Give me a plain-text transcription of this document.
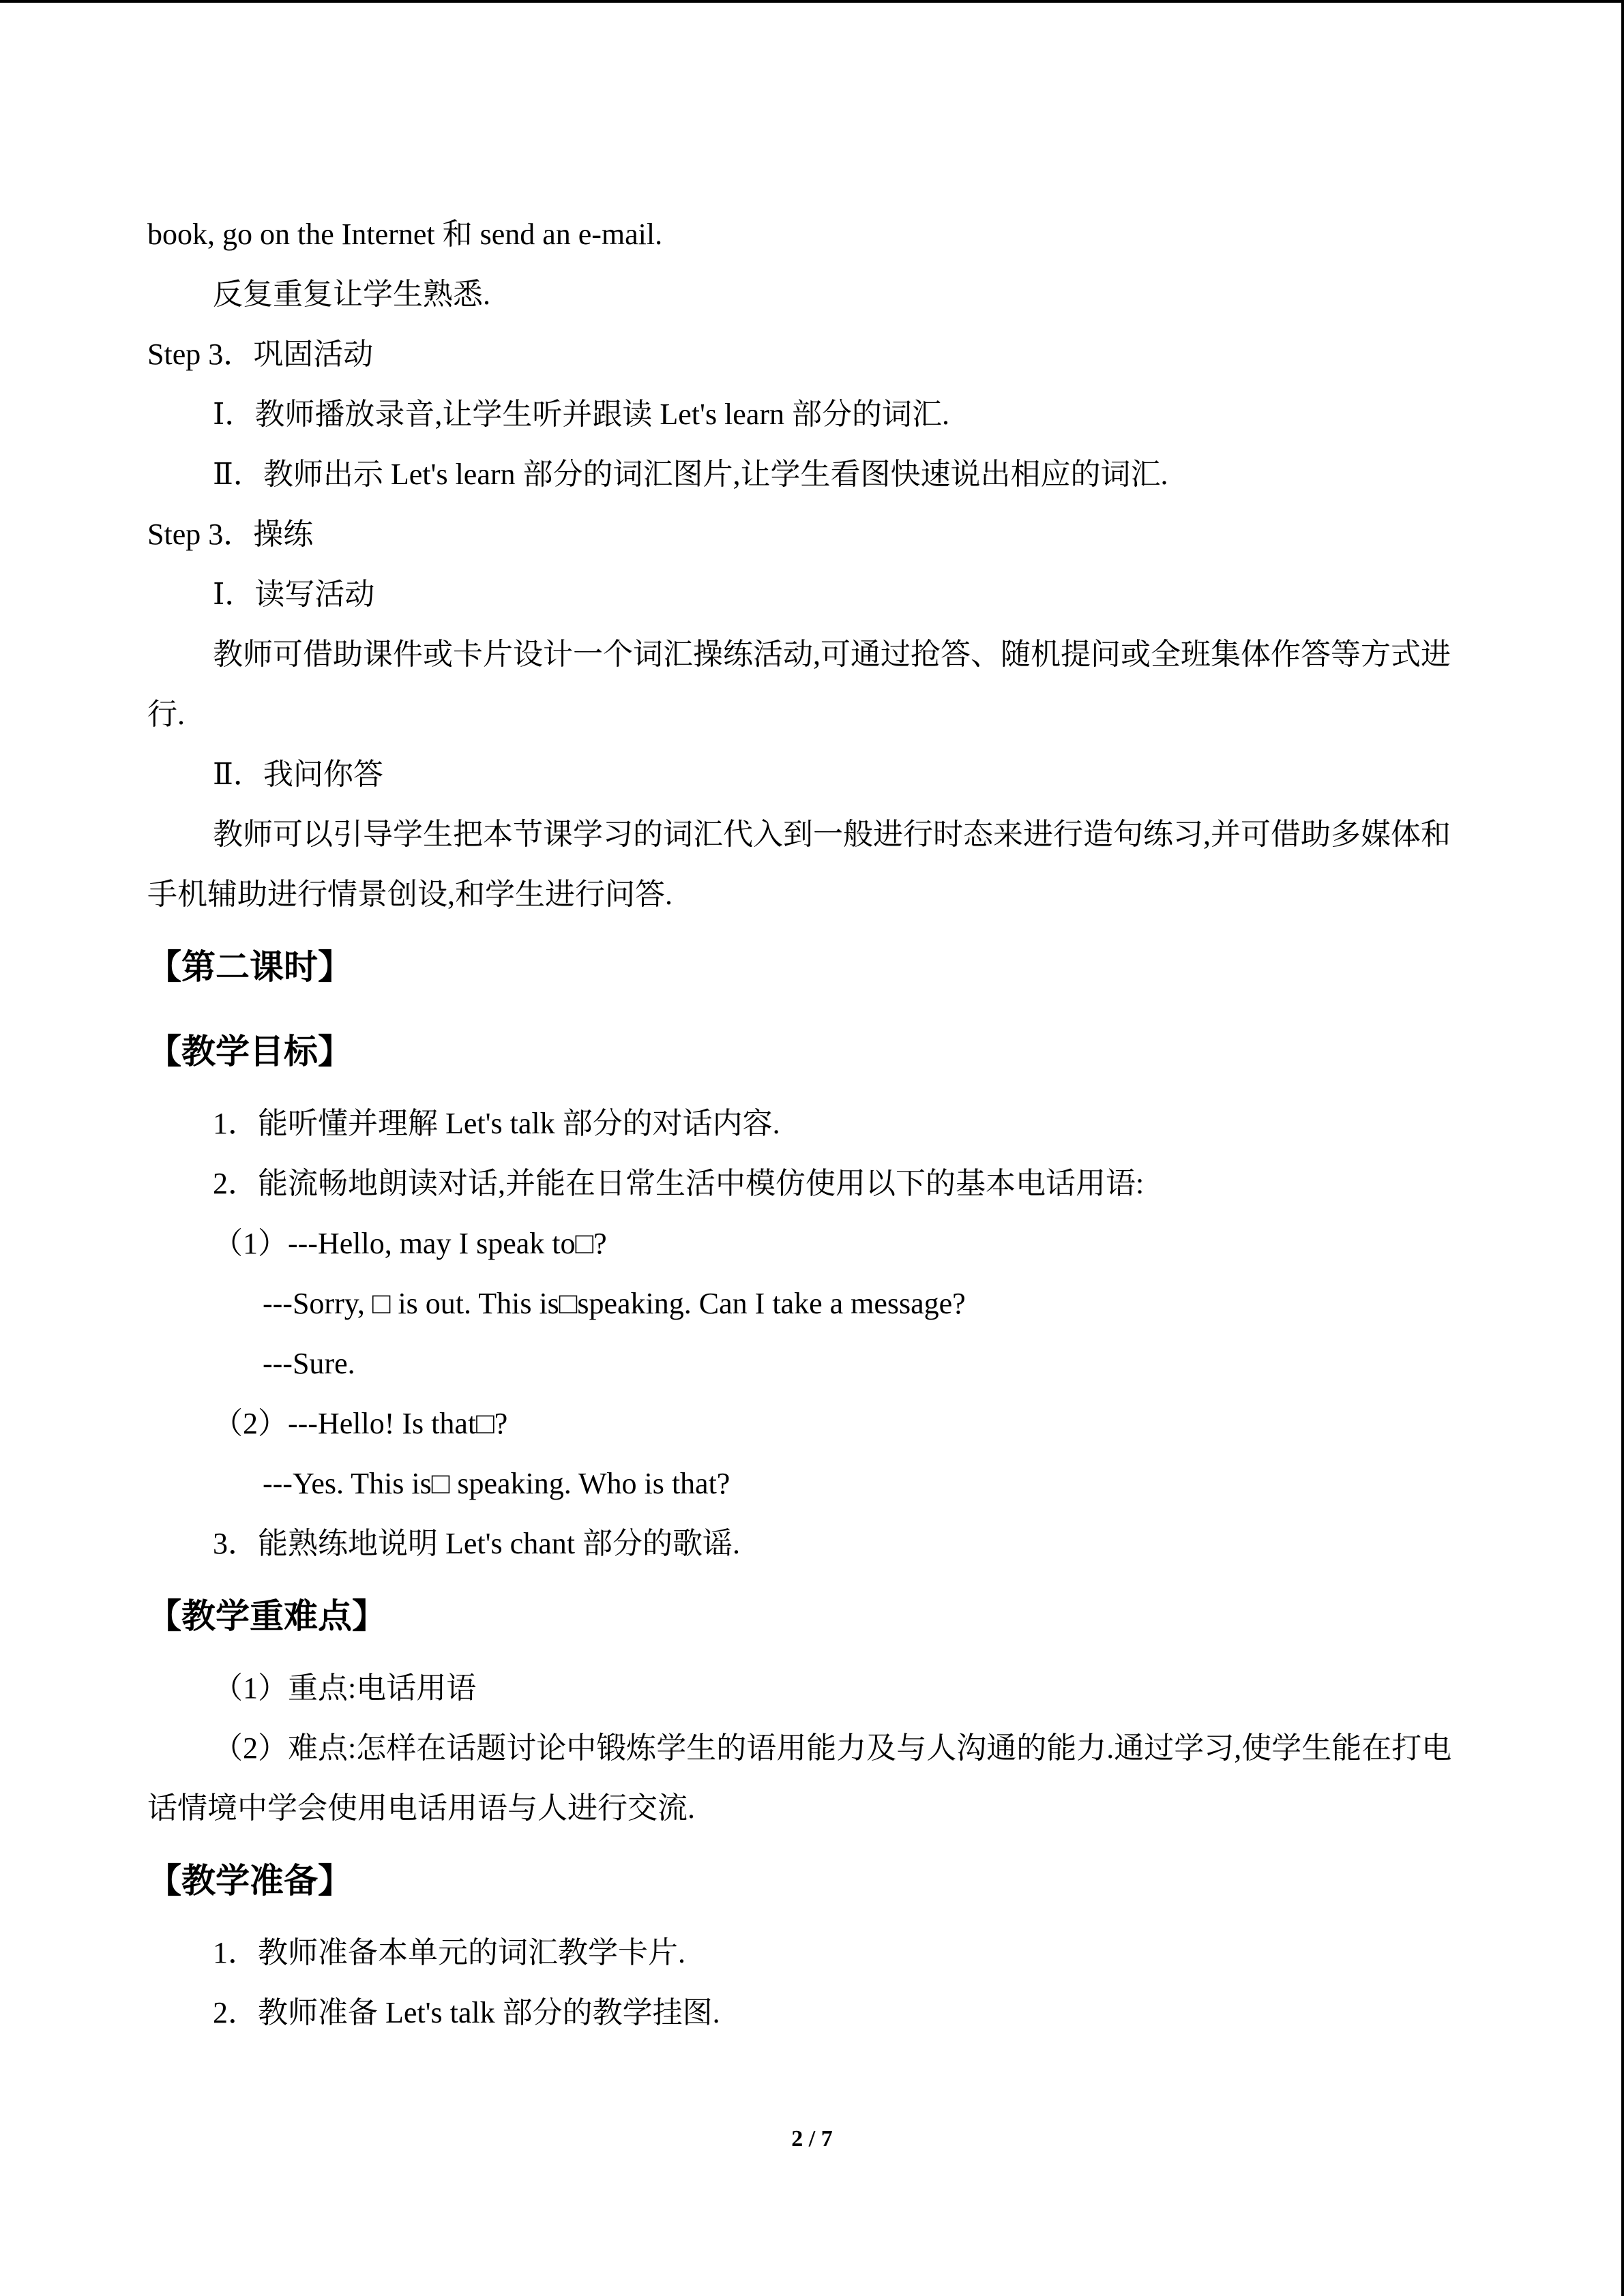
book, go on the Internet 和 send an e-mail.
反复重复让学生熟悉.
Step 3．巩固活动
Ⅰ．教师播放录音,让学生听并跟读 Let's learn 部分的词汇.
Ⅱ．教师出示 Let's learn 部分的词汇图片,让学生看图快速说出相应的词汇.
Step 3．操练
Ⅰ．读写活动
教师可借助课件或卡片设计一个词汇操练活动,可通过抢答、随机提问或全班集体作答等方式进行.
Ⅱ．我问你答
教师可以引导学生把本节课学习的词汇代入到一般进行时态来进行造句练习,并可借助多媒体和手机辅助进行情景创设,和学生进行问答.
【第二课时】
【教学目标】
1．能听懂并理解 Let's talk 部分的对话内容.
2．能流畅地朗读对话,并能在日常生活中模仿使用以下的基本电话用语:
（1）---Hello, may I speak to□?
---Sorry, □ is out. This is□speaking. Can I take a message?
---Sure.
（2）---Hello! Is that□?
---Yes. This is□ speaking. Who is that?
3．能熟练地说明 Let's chant 部分的歌谣.
【教学重难点】
（1）重点:电话用语
（2）难点:怎样在话题讨论中锻炼学生的语用能力及与人沟通的能力.通过学习,使学生能在打电话情境中学会使用电话用语与人进行交流.
【教学准备】
1．教师准备本单元的词汇教学卡片.
2．教师准备 Let's talk 部分的教学挂图.
2 / 7
